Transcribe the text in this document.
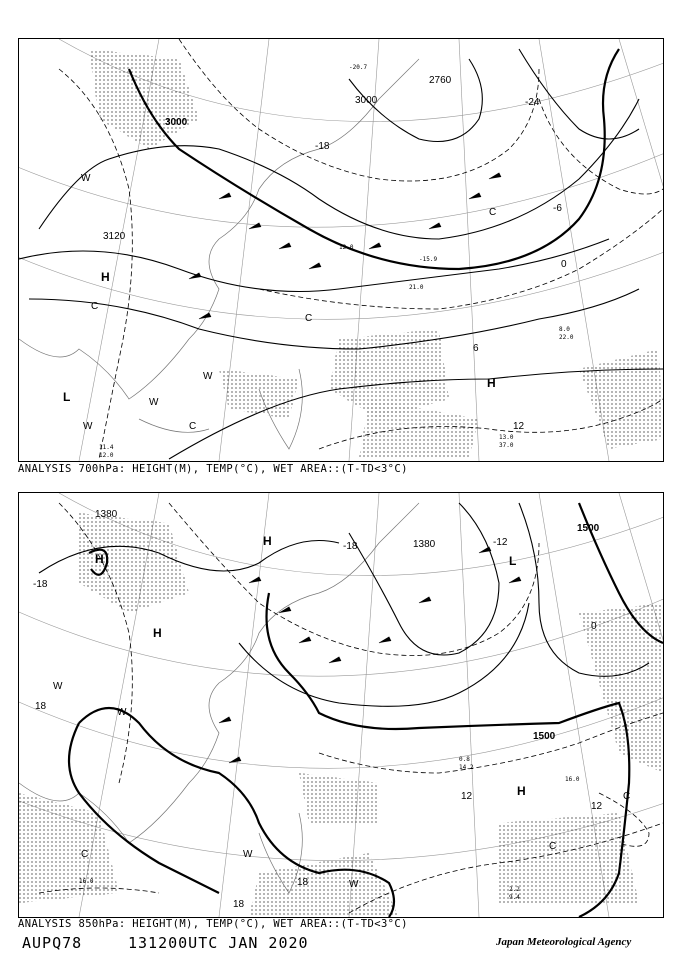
-20.7
21.0
-15.9
12.0
8.0
22.0
13.0
37.0
11.4
12.0
3000
3120
2760
3000
-18
-24
-6
0
6
12
H
H
L
W
W
W
W
C
C
C
C
ANALYSIS 700hPa: HEIGHT(M), TEMP(°C), WET AREA::(T-TD<3°C)
16.0
2.2
9.4
0.8
14.2
16.0
1380
1380
1500
1500
-18
-18
18
18
-12
0
12
12
18
H
H
H
H
L
W
W
W
W
C
C
C
ANALYSIS 850hPa: HEIGHT(M), TEMP(°C), WET AREA::(T-TD<3°C)
AUPQ78	131200UTC JAN 2020	Japan Meteorological Agency
